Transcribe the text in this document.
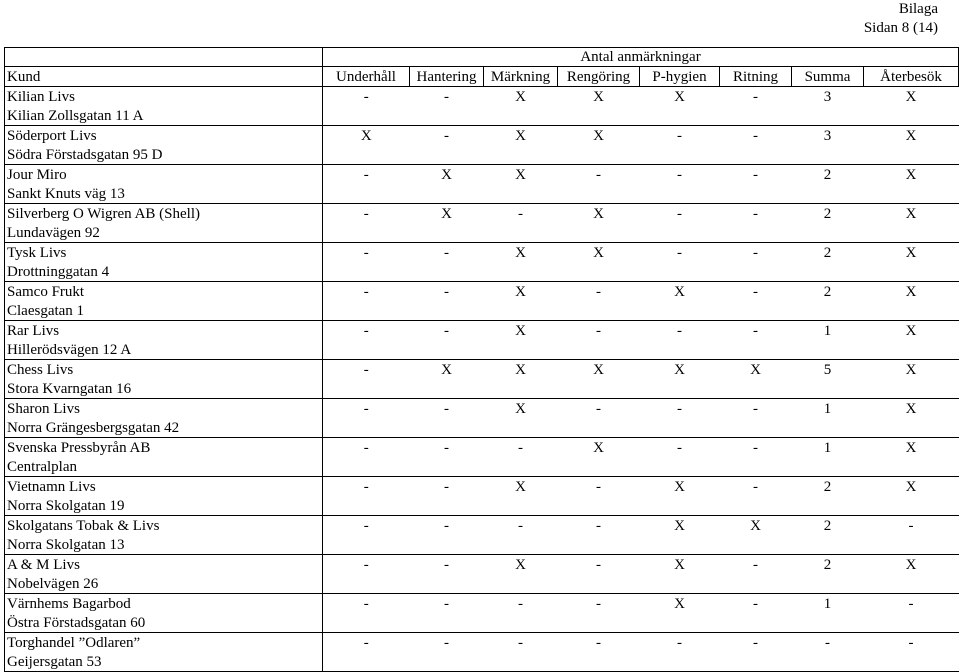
Bilaga
Sidan 8 (14)
	Antal anmärkningar							
Kund	Underhåll	Hantering	Märkning	Rengöring	P-hygien	Ritning	Summa	Återbesök
Kilian Livs	-	-	X	X	X	-	3	X
Kilian Zollsgatan 11 A								
Söderport Livs	X	-	X	X	-	-	3	X
Södra Förstadsgatan 95 D								
Jour Miro	-	X	X	-	-	-	2	X
Sankt Knuts väg 13								
Silverberg O Wigren AB (Shell)	-	X	-	X	-	-	2	X
Lundavägen 92								
Tysk Livs	-	-	X	X	-	-	2	X
Drottninggatan 4								
Samco Frukt	-	-	X	-	X	-	2	X
Claesgatan 1								
Rar Livs	-	-	X	-	-	-	1	X
Hillerödsvägen 12 A								
Chess Livs	-	X	X	X	X	X	5	X
Stora Kvarngatan 16								
Sharon Livs	-	-	X	-	-	-	1	X
Norra Grängesbergsgatan 42								
Svenska Pressbyrån AB	-	-	-	X	-	-	1	X
Centralplan								
Vietnamn Livs	-	-	X	-	X	-	2	X
Norra Skolgatan 19								
Skolgatans Tobak & Livs	-	-	-	-	X	X	2	-
Norra Skolgatan 13								
A & M Livs	-	-	X	-	X	-	2	X
Nobelvägen 26								
Värnhems Bagarbod	-	-	-	-	X	-	1	-
Östra Förstadsgatan 60								
Torghandel ”Odlaren”	-	-	-	-	-	-	-	-
Geijersgatan 53								
